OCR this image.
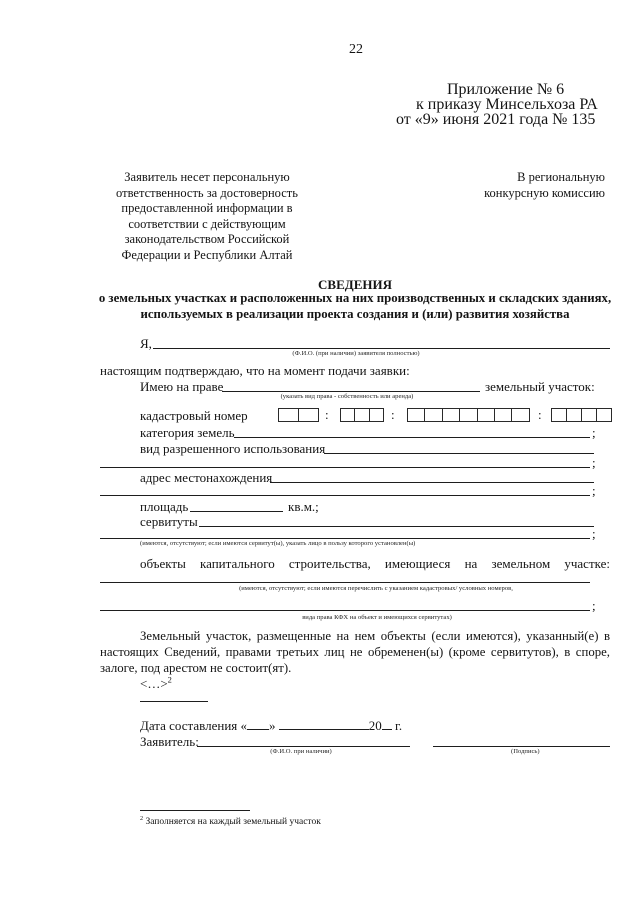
22
Приложение № 6
к приказу Минсельхоза РА
от «9» июня 2021 года № 135
Заявитель несет персональную
ответственность за достоверность
предоставленной информации в
соответствии с действующим
законодательством Российской
Федерации и Республики Алтай
В региональную
конкурсную комиссию
СВЕДЕНИЯ
о земельных участках и расположенных на них производственных и складских зданиях,
используемых в реализации проекта создания и (или) развития хозяйства
Я,
(Ф.И.О. (при наличии) заявителя полностью)
настоящим подтверждаю, что на момент подачи заявки:
Имею на праве	земельный участок:
(указать вид права - собственность или аренда)
кадастровый номер	:	:	:
категория земель	;
вид разрешенного использования
;
адрес местонахождения
;
площадь	кв.м.;
сервитуты
;
(имеются, отсутствуют; если имеются сервитут(ы), указать лицо в пользу которого установлен(ы)
объекты капитального строительства, имеющиеся на земельном участке:
(имеются, отсутствуют; если имеются перечислить с указанием кадастровых/ условных номеров,
;
вида права КФХ на объект и имеющихся сервитутах)
Земельный участок, размещенные на нем объекты (если имеются), указанный(е) в
настоящих Сведений, правами третьих лиц не обременен(ы) (кроме сервитутов), в споре,
залоге, под арестом не состоит(ят).
<…>$^2$
Дата составления « »	20 г.
Заявитель:
(Ф.И.О. при наличии)	(Подпись)
$^2$ Заполняется на каждый земельный участок
